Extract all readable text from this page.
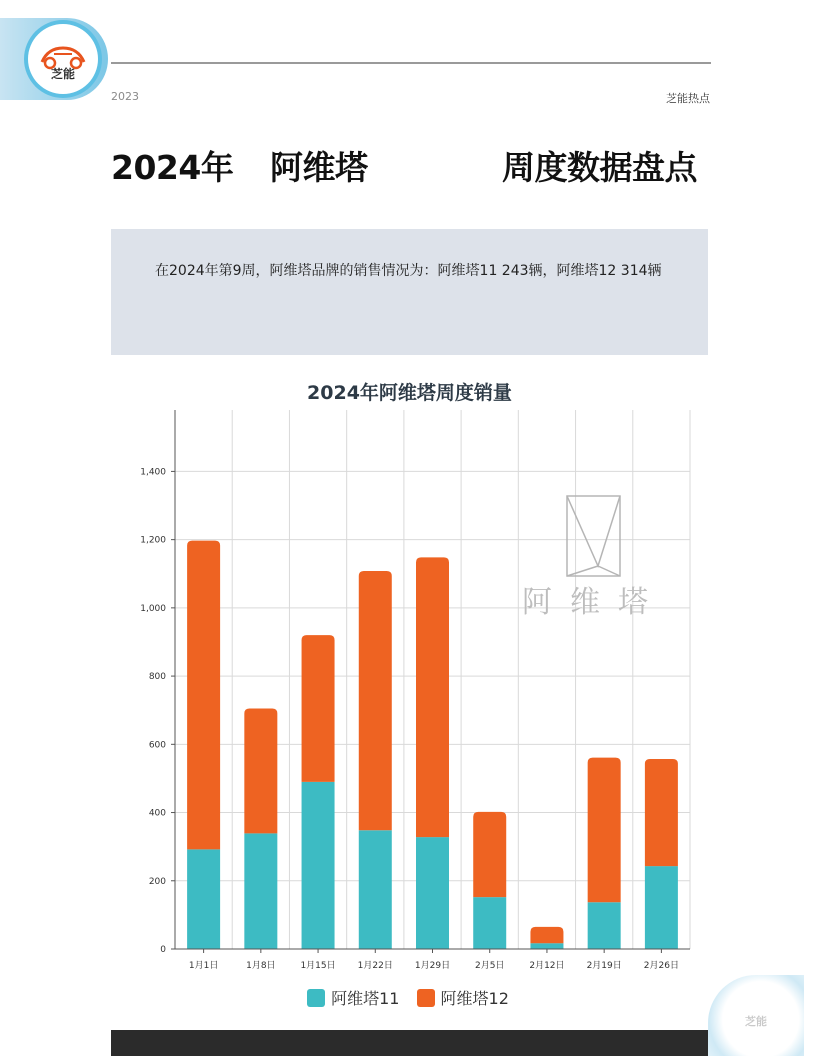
芝能
2023	芝能热点
2024年 阿维塔	周度数据盘点
在2024年第9周，阿维塔品牌的销售情况为：阿维塔11 243辆，阿维塔12 314辆
2024年阿维塔周度销量
阿维塔
0
200
400
600
800
1,000
1,200
1,400
1月1日	1月8日	1月15日 1月22日 1月29日	2月5日	2月12日 2月19日 2月26日
阿维塔11
	阿维塔12
芝能
